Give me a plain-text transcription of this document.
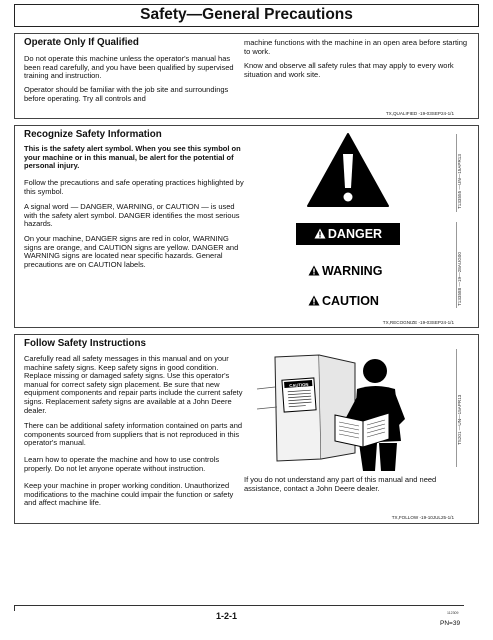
Safety—General Precautions
Operate Only If Qualified
Do not operate this machine unless the operator's manual has been read carefully, and you have been qualified by supervised training and instruction.
Operator should be familiar with the job site and surroundings before operating. Try all controls and
machine functions with the machine in an open area before starting to work.
Know and observe all safety rules that may apply to every work situation and work site.
TX,QUALIFIED -19-03SEP24-1/1
Recognize Safety Information
This is the safety alert symbol. When you see this symbol on your machine or in this manual, be alert for the potential of personal injury.
Follow the precautions and safe operating practices highlighted by this symbol.
A signal word — DANGER, WARNING, or CAUTION — is used with the safety alert symbol. DANGER identifies the most serious hazards.
On your machine, DANGER signs are red in color, WARNING signs are orange, and CAUTION signs are yellow. DANGER and WARNING signs are located near specific hazards. General precautions are on CAUTION labels.
DANGER
WARNING
CAUTION
T133555 —UN—15APR13
T133588 —19—28AUG00
TX,RECOGNIZE -19-03SEP24-1/1
Follow Safety Instructions
Carefully read all safety messages in this manual and on your machine safety signs. Keep safety signs in good condition. Replace missing or damaged safety signs. Use this operator's manual for correct safety sign placement. Be sure that new equipment components and repair parts include the current safety signs. Replacement safety signs are available at a John Deere dealer.
There can be additional safety information contained on parts and components sourced from suppliers that is not reproduced in this operator's manual.
Learn how to operate the machine and how to use controls properly. Do not let anyone operate without instruction.
Keep your machine in proper working condition. Unauthorized modifications to the machine could impair the function or safety and affect machine life.
If you do not understand any part of this manual and need assistance, contact a John Deere dealer.
CAUTION
TS201 —UN—15APR13
TX,FOLLOW -19-10JUL25-1/1
1-2-1	112309
PN=39
